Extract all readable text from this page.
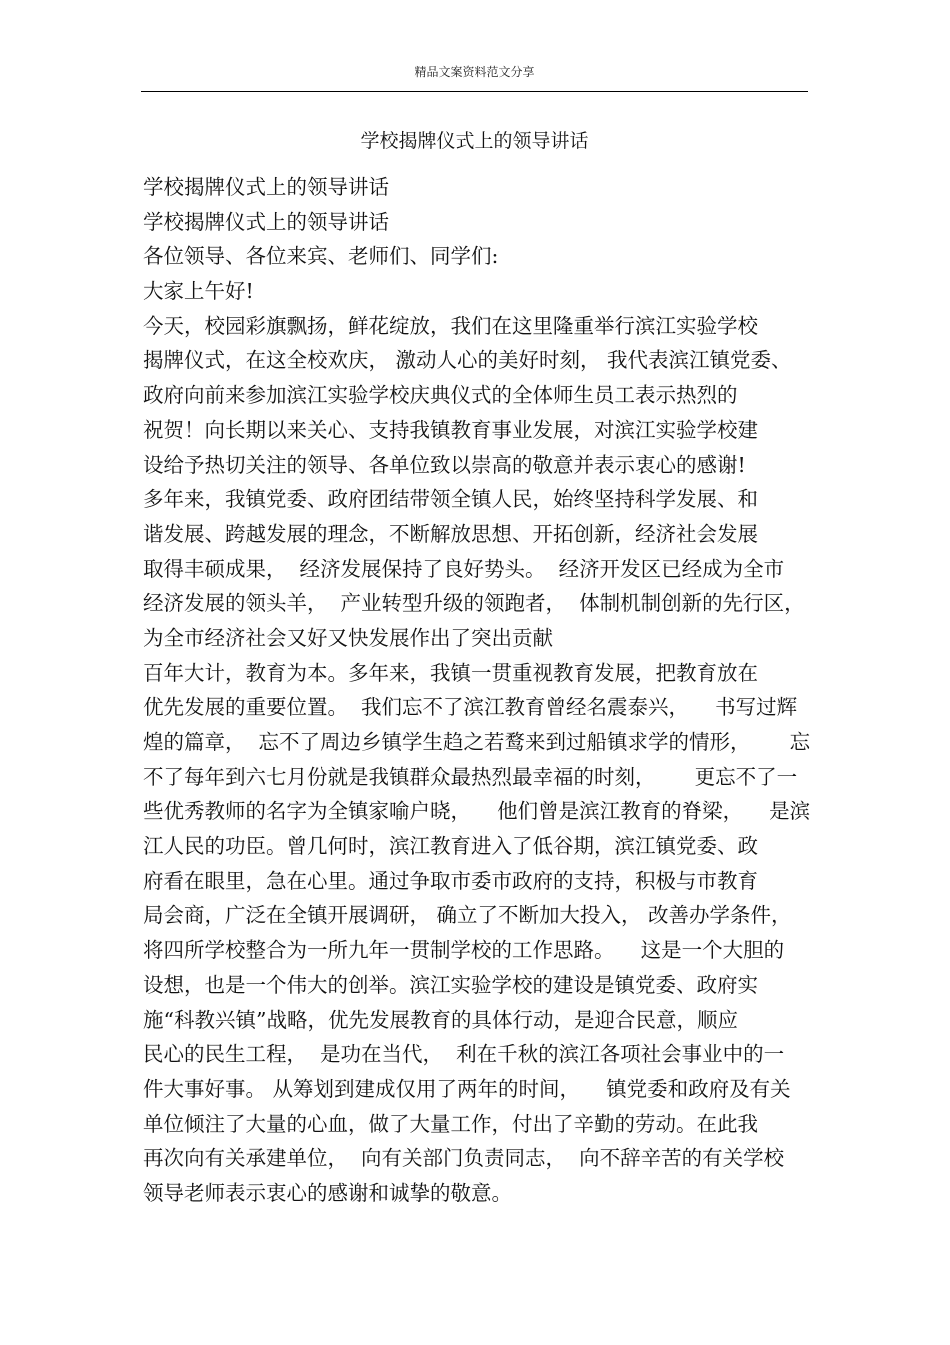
精品文案资料范文分享
学校揭牌仪式上的领导讲话
学校揭牌仪式上的领导讲话
学校揭牌仪式上的领导讲话
各位领导、各位来宾、老师们、同学们:
大家上午好!
今天，校园彩旗飘扬，鲜花绽放，我们在这里隆重举行滨江实验学校
揭牌仪式，在这全校欢庆， 激动人心的美好时刻， 我代表滨江镇党委、
政府向前来参加滨江实验学校庆典仪式的全体师生员工表示热烈的
祝贺！向长期以来关心、支持我镇教育事业发展，对滨江实验学校建
设给予热切关注的领导、各单位致以崇高的敬意并表示衷心的感谢!
多年来，我镇党委、政府团结带领全镇人民，始终坚持科学发展、和
谐发展、跨越发展的理念，不断解放思想、开拓创新，经济社会发展
取得丰硕成果，  经济发展保持了良好势头。  经济开发区已经成为全市
经济发展的领头羊，  产业转型升级的领跑者，  体制机制创新的先行区，
为全市经济社会又好又快发展作出了突出贡献
百年大计，教育为本。多年来，我镇一贯重视教育发展，把教育放在
优先发展的重要位置。  我们忘不了滨江教育曾经名震泰兴，    书写过辉
煌的篇章，  忘不了周边乡镇学生趋之若鹜来到过船镇求学的情形，      忘
不了每年到六七月份就是我镇群众最热烈最幸福的时刻，      更忘不了一
些优秀教师的名字为全镇家喻户晓，    他们曾是滨江教育的脊梁，    是滨
江人民的功臣。曾几何时，滨江教育进入了低谷期，滨江镇党委、政
府看在眼里，急在心里。通过争取市委市政府的支持，积极与市教育
局会商，广泛在全镇开展调研， 确立了不断加大投入， 改善办学条件，
将四所学校整合为一所九年一贯制学校的工作思路。    这是一个大胆的
设想，也是一个伟大的创举。滨江实验学校的建设是镇党委、政府实
施“科教兴镇”战略，优先发展教育的具体行动，是迎合民意，顺应
民心的民生工程，  是功在当代，  利在千秋的滨江各项社会事业中的一
件大事好事。 从筹划到建成仅用了两年的时间，    镇党委和政府及有关
单位倾注了大量的心血，做了大量工作，付出了辛勤的劳动。在此我
再次向有关承建单位，  向有关部门负责同志，  向不辞辛苦的有关学校
领导老师表示衷心的感谢和诚挚的敬意。
